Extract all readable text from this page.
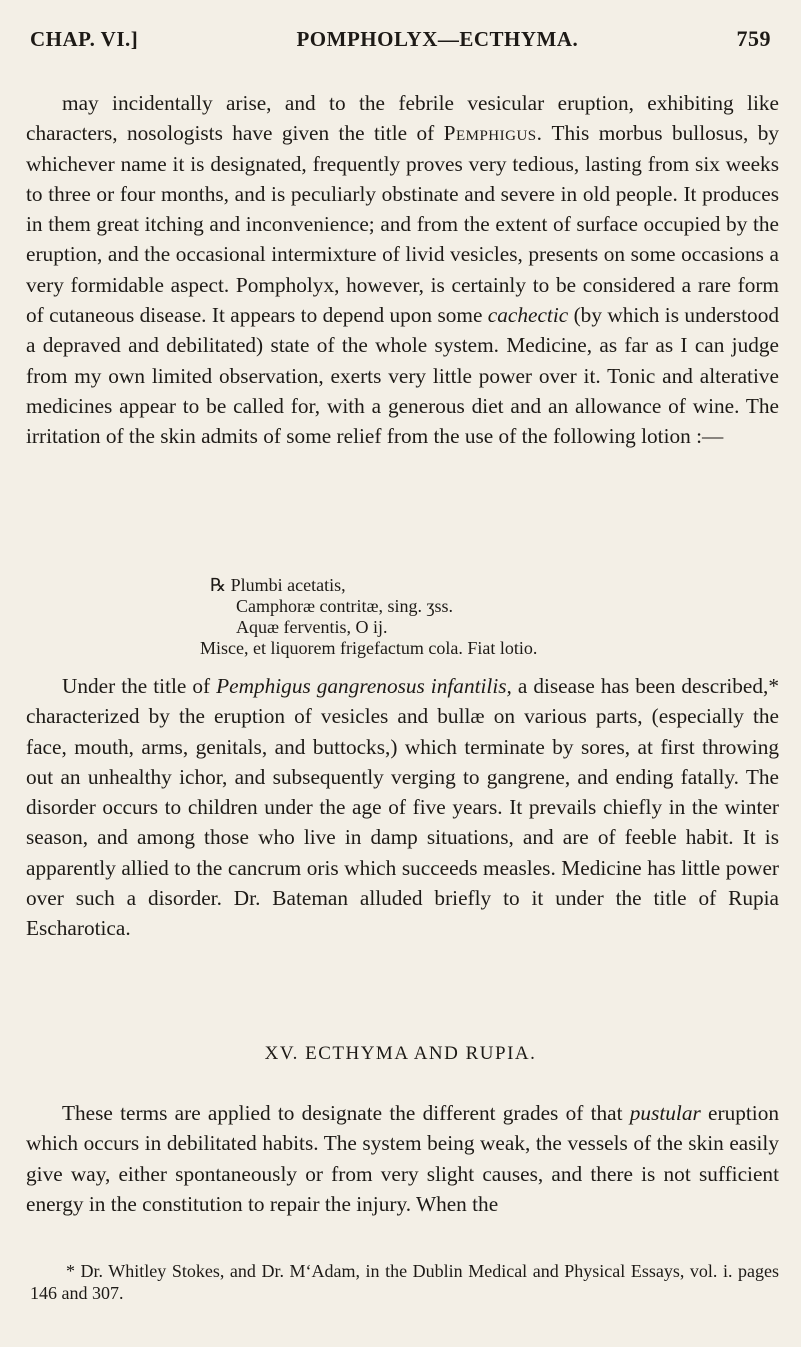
CHAP. VI.]	POMPHOLYX—ECTHYMA.	759

may incidentally arise, and to the febrile vesicular eruption, exhibiting like characters, nosologists have given the title of Pemphigus. This morbus bullosus, by whichever name it is designated, frequently proves very tedious, lasting from six weeks to three or four months, and is peculiarly obstinate and severe in old people. It produces in them great itching and inconvenience; and from the extent of surface occupied by the eruption, and the occasional intermixture of livid vesicles, presents on some occasions a very formidable aspect. Pompholyx, however, is certainly to be considered a rare form of cutaneous disease. It appears to depend upon some cachectic (by which is understood a depraved and debilitated) state of the whole system. Medicine, as far as I can judge from my own limited observation, exerts very little power over it. Tonic and alterative medicines appear to be called for, with a generous diet and an allowance of wine. The irritation of the skin admits of some relief from the use of the following lotion :—

℞ Plumbi acetatis,
Camphoræ contritæ, sing. ʒss.
Aquæ ferventis, O ij.
Misce, et liquorem frigefactum cola. Fiat lotio.

Under the title of Pemphigus gangrenosus infantilis, a disease has been described,* characterized by the eruption of vesicles and bullæ on various parts, (especially the face, mouth, arms, genitals, and buttocks,) which terminate by sores, at first throwing out an unhealthy ichor, and subsequently verging to gangrene, and ending fatally. The disorder occurs to children under the age of five years. It prevails chiefly in the winter season, and among those who live in damp situations, and are of feeble habit. It is apparently allied to the cancrum oris which succeeds measles. Medicine has little power over such a disorder. Dr. Bateman alluded briefly to it under the title of Rupia Escharotica.

XV. ECTHYMA AND RUPIA.

These terms are applied to designate the different grades of that pustular eruption which occurs in debilitated habits. The system being weak, the vessels of the skin easily give way, either spontaneously or from very slight causes, and there is not sufficient energy in the constitution to repair the injury. When the

* Dr. Whitley Stokes, and Dr. M‘Adam, in the Dublin Medical and Physical Essays, vol. i. pages 146 and 307.
